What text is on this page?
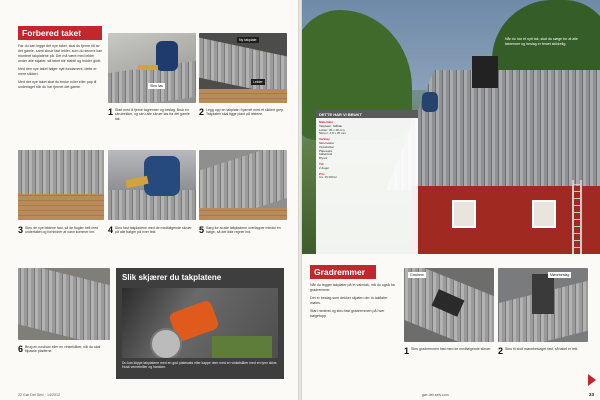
Forbered taket

Før du kan legge det nye taket, skal du fjerne litt av det gamle, samt skrue fast lekter, som du senere kan montere takplatene på. Det må være med lekter under alle skjøter, så taket blir stabilt og holder godt.

Med den nye taket følger nytt fundament, dette er mere sikkert.

Med det nye taket skal du bruke ruller eller pap til underlaget når du har fjernet det gamle.	Skru løs
Ny takplate
Lekter
1 Start med å fjerne tagrenner og beslag. Bruk en skrutrekker, og skru alle skruer løs fra det gamle tak.
2 Legg opp en takplate i hjørnet med et sikkert grep. Takplaten skal ligge plant på lektene.
3 Skru de nye lektene fast, så de flugter helt med undertaket og forhindrer at vann kommer inn.	4 Skru fast takpladene med de medfølgende skruer på alle bølger på hver lekt.	5 Sørg for at alle takpladene overlapper mindst én bølge, så det ikke regner ind.
6 Brug en rundsav eller en vinkelsliber, når du skal tilpasse pladerne.
Slik skjærer du takplatene
Du kan klippe takplatene med en god platesaks eller kappe dem med en vinkelsliber med en tynn skive. Husk vernebriller og hansker.
22 Gør Det Selv · 14/2012
Når du har et nytt tak, skal du sørge for at alle takrenner og beslag er festet skikkelig.
DETTE HAR VI BRUKT
Materialer
Takplater: Ståltak
Lekter: 36 x 48 mm
Skruer: 4,8 x 35 mm
Verktøy
Skrutrekker
Vinkelsliber
Platesaks
Målebånd
Blyant
Tid
2 dager
Pris
Ca. 15 000 kr
Gradremmer

Når du legger takplater på et valmtak, må du også ha gradremmer.

Det er beslag som dekker skjøten der to takflater møtes.

Start nederst og skru fast gradremmen på hver bølgetopp.

Gradrem	Mønebeslag
1 Skru gradremmen fast med de medfølgende skruer. 2 Skru til slutt mønebeslaget fast, så taket er tett.
gør-det-selv.com	23
